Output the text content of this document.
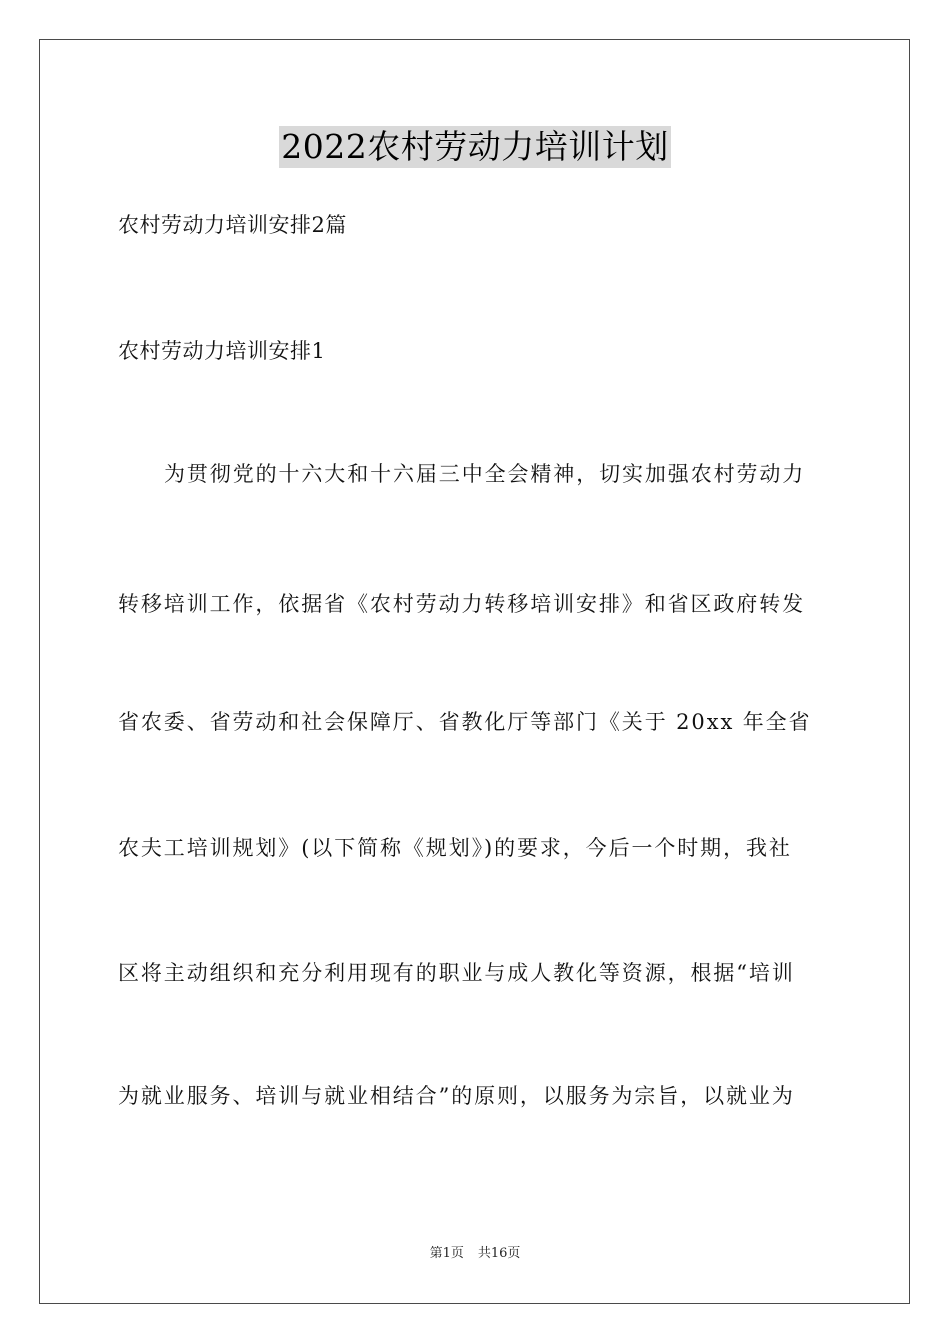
2022农村劳动力培训计划
农村劳动力培训安排2篇
农村劳动力培训安排1
为贯彻党的十六大和十六届三中全会精神，切实加强农村劳动力
转移培训工作，依据省《农村劳动力转移培训安排》和省区政府转发
省农委、省劳动和社会保障厅、省教化厅等部门《关于 20xx 年全省
农夫工培训规划》(以下简称《规划》)的要求，今后一个时期，我社
区将主动组织和充分利用现有的职业与成人教化等资源，根据“培训
为就业服务、培训与就业相结合”的原则，以服务为宗旨，以就业为
第1页 共16页
